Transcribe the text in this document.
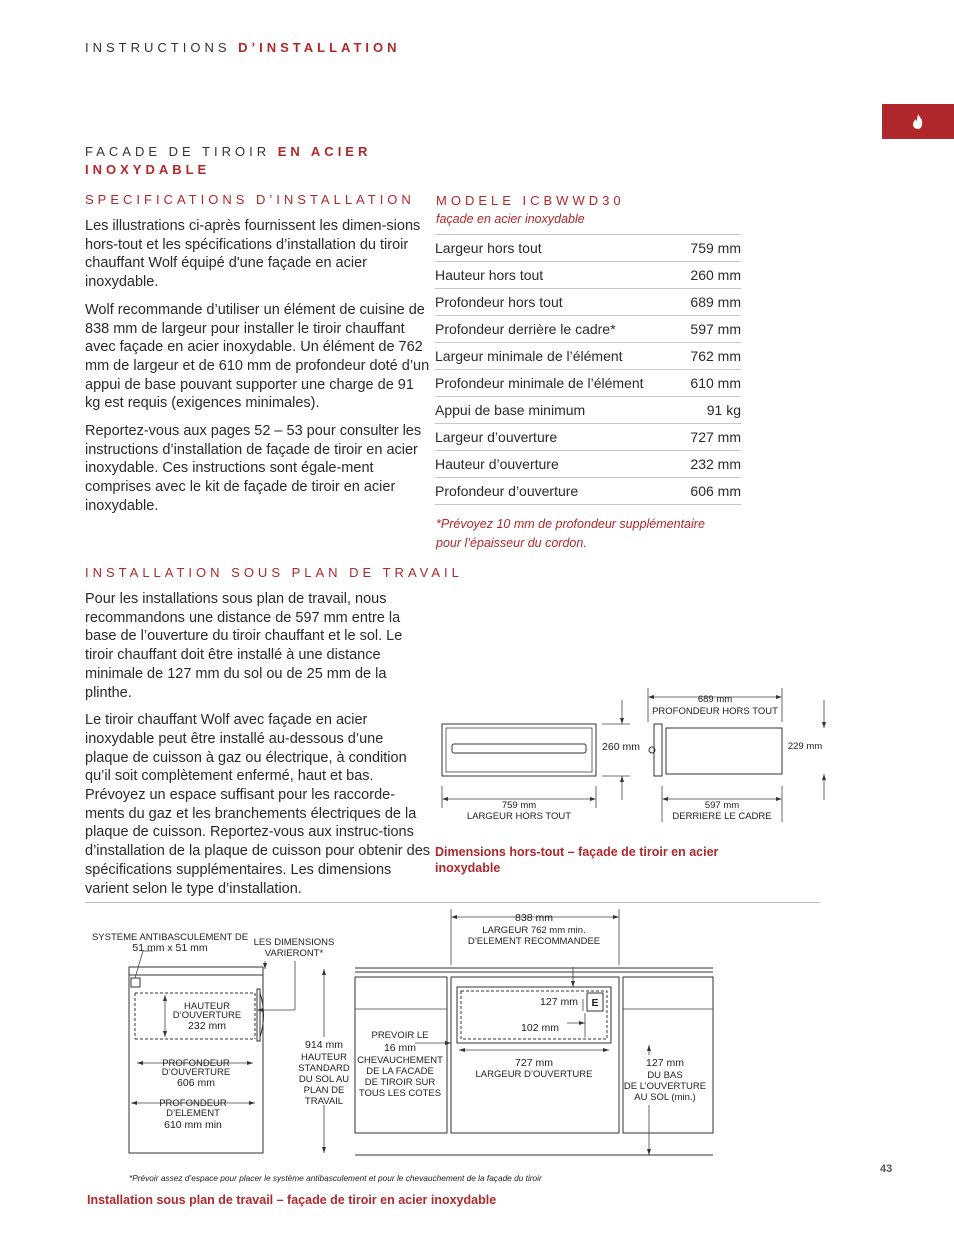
INSTRUCTIONS D’INSTALLATION
FACADE DE TIROIR EN ACIER
INOXYDABLE
SPECIFICATIONS D’INSTALLATION

Les illustrations ci-après fournissent les dimen-sions hors-tout et les spécifications d’installation du tiroir chauffant Wolf équipé d'une façade en acier inoxydable.

Wolf recommande d’utiliser un élément de cuisine de 838 mm de largeur pour installer le tiroir chauffant avec façade en acier inoxydable. Un élément de 762 mm de largeur et de 610 mm de profondeur doté d’un appui de base pouvant supporter une charge de 91 kg est requis (exigences minimales).

Reportez-vous aux pages 52 – 53 pour consulter les instructions d’installation de façade de tiroir en acier inoxydable. Ces instructions sont égale-ment comprises avec le kit de façade de tiroir en acier inoxydable.

INSTALLATION SOUS PLAN DE TRAVAIL

Pour les installations sous plan de travail, nous recommandons une distance de 597 mm entre la base de l’ouverture du tiroir chauffant et le sol. Le tiroir chauffant doit être installé à une distance minimale de 127 mm du sol ou de 25 mm de la plinthe.

Le tiroir chauffant Wolf avec façade en acier inoxydable peut être installé au-dessous d’une plaque de cuisson à gaz ou électrique, à condition qu’il soit complètement enfermé, haut et bas. Prévoyez un espace suffisant pour les raccorde-ments du gaz et les branchements électriques de la plaque de cuisson. Reportez-vous aux instruc-tions d’installation de la plaque de cuisson pour obtenir des spécifications supplémentaires. Les dimensions varient selon le type d’installation.

MODELE ICBWWD30
façade en acier inoxydable
Largeur hors tout	759 mm
Hauteur hors tout	260 mm
Profondeur hors tout	689 mm
Profondeur derrière le cadre*	597 mm
Largeur minimale de l’élément	762 mm
Profondeur minimale de l’élément	610 mm
Appui de base minimum	91 kg
Largeur d’ouverture	727 mm
Hauteur d’ouverture	232 mm
Profondeur d’ouverture	606 mm
*Prévoyez 10 mm de profondeur supplémentaire
pour l’épaisseur du cordon.
759 mm
LARGEUR HORS TOUT
260 mm
689 mm
PROFONDEUR HORS TOUT
229 mm
597 mm
DERRIERE LE CADRE
Dimensions hors-tout – façade de tiroir en acier
inoxydable
SYSTEME ANTIBASCULEMENT DE
51 mm x 51 mm	LES DIMENSIONS
VARIERONT*
HAUTEUR
D’OUVERTURE
232 mm
PROFONDEUR
D’OUVERTURE
606 mm
PROFONDEUR
D’ELEMENT
610 mm min
914 mm
HAUTEUR
STANDARD
DU SOL AU
PLAN DE
TRAVAIL
838 mm
LARGEUR 762 mm min.
D’ELEMENT RECOMMANDEE
E
127 mm
102 mm
727 mm
LARGEUR D’OUVERTURE
PREVOIR LE
16 mm
CHEVAUCHEMENT
DE LA FACADE
DE TIROIR SUR
TOUS LES COTES
127 mm
DU BAS
DE L’OUVERTURE
AU SOL (min.)
*Prévoir assez d’espace pour placer le système antibasculement et pour le chevauchement de la façade du tiroir
Installation sous plan de travail – façade de tiroir en acier inoxydable
43
